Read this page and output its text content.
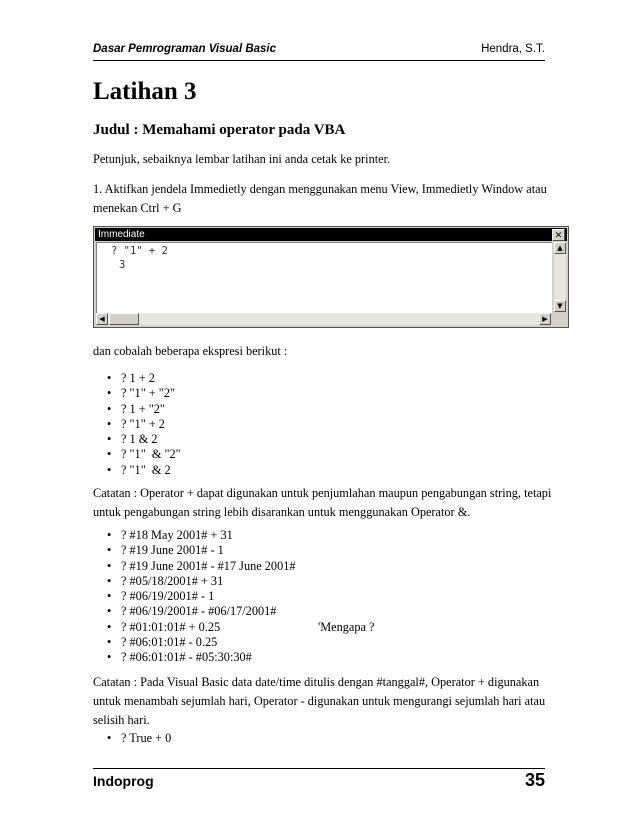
Dasar Pemrograman Visual Basic	Hendra, S.T.
Latihan 3
Judul : Memahami operator pada VBA
Petunjuk, sebaiknya lembar latihan ini anda cetak ke printer.
1. Aktifkan jendela Immedietly dengan menggunakan menu View, Immedietly Window atau menekan Ctrl + G
Immediate	✕
? "1" + 2
3
▲
▼
◀	▶
dan cobalah beberapa ekspresi berikut :
• ? 1 + 2
• ? "1" + "2"
• ? 1 + "2"
• ? "1" + 2
• ? 1 & 2
• ? "1"  & "2"
• ? "1"  & 2
Catatan : Operator + dapat digunakan untuk penjumlahan maupun pengabungan string, tetapi untuk pengabungan string lebih disarankan untuk menggunakan Operator &.
• ? #18 May 2001# + 31
• ? #19 June 2001# - 1
• ? #19 June 2001# - #17 June 2001#
• ? #05/18/2001# + 31
• ? #06/19/2001# - 1
• ? #06/19/2001# - #06/17/2001#
• ? #01:01:01# + 0.25	'Mengapa ?
• ? #06:01:01# - 0.25
• ? #06:01:01# - #05:30:30#
Catatan : Pada Visual Basic data date/time ditulis dengan #tanggal#, Operator + digunakan untuk menambah sejumlah hari, Operator - digunakan untuk mengurangi sejumlah hari atau selisih hari.
• ? True + 0
Indoprog	35
